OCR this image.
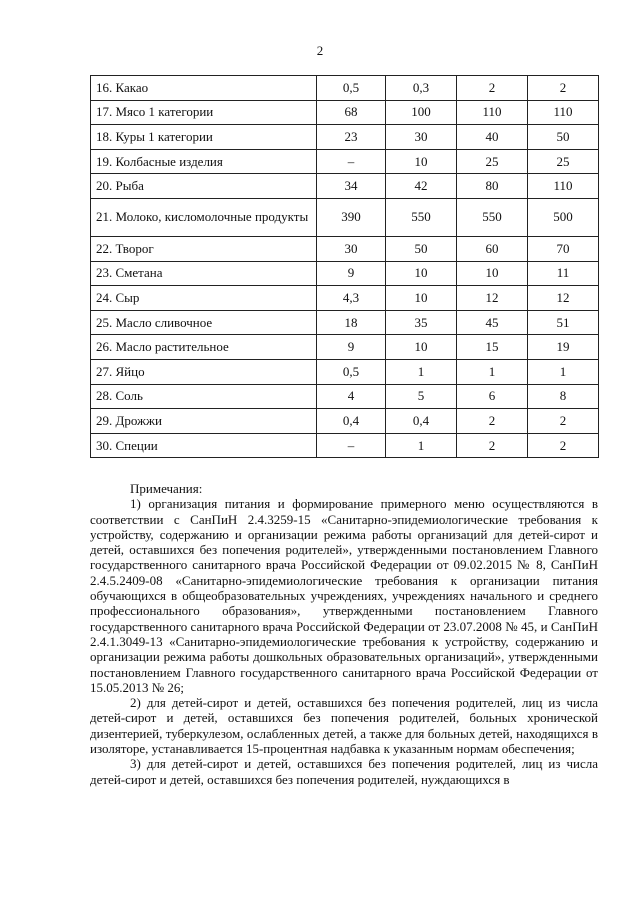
2
16. Какао	0,5	0,3	2	2
17. Мясо 1 категории	68	100	110	110
18. Куры 1 категории	23	30	40	50
19. Колбасные изделия	–	10	25	25
20. Рыба	34	42	80	110
21. Молоко, кисломолочные продукты	390	550	550	500
22. Творог	30	50	60	70
23. Сметана	9	10	10	11
24. Сыр	4,3	10	12	12
25. Масло сливочное	18	35	45	51
26. Масло растительное	9	10	15	19
27. Яйцо	0,5	1	1	1
28. Соль	4	5	6	8
29. Дрожжи	0,4	0,4	2	2
30. Специи	–	1	2	2

Примечания:

1) организация питания и формирование примерного меню осуществляются в соответствии с СанПиН 2.4.3259-15 «Санитарно-эпидемиологические требования к устройству, содержанию и организации режима работы организаций для детей-сирот и детей, оставшихся без попечения родителей», утвержденными постановлением Главного государственного санитарного врача Российской Федерации от 09.02.2015 № 8, СанПиН 2.4.5.2409-08 «Санитарно-эпидемиологические требования к организации питания обучающихся в общеобразовательных учреждениях, учреждениях начального и среднего профессионального образования», утвержденными постановлением Главного государственного санитарного врача Российской Федерации от 23.07.2008 № 45, и СанПиН 2.4.1.3049-13 «Санитарно-эпидемиологические требования к устройству, содержанию и организации режима работы дошкольных образовательных организаций», утвержденными постановлением Главного государственного санитарного врача Российской Федерации от 15.05.2013 № 26;

2) для детей-сирот и детей, оставшихся без попечения родителей, лиц из числа детей-сирот и детей, оставшихся без попечения родителей, больных хронической дизентерией, туберкулезом, ослабленных детей, а также для больных детей, находящихся в изоляторе, устанавливается 15-процентная надбавка к указанным нормам обеспечения;

3) для детей-сирот и детей, оставшихся без попечения родителей, лиц из числа детей-сирот и детей, оставшихся без попечения родителей, нуждающихся в
